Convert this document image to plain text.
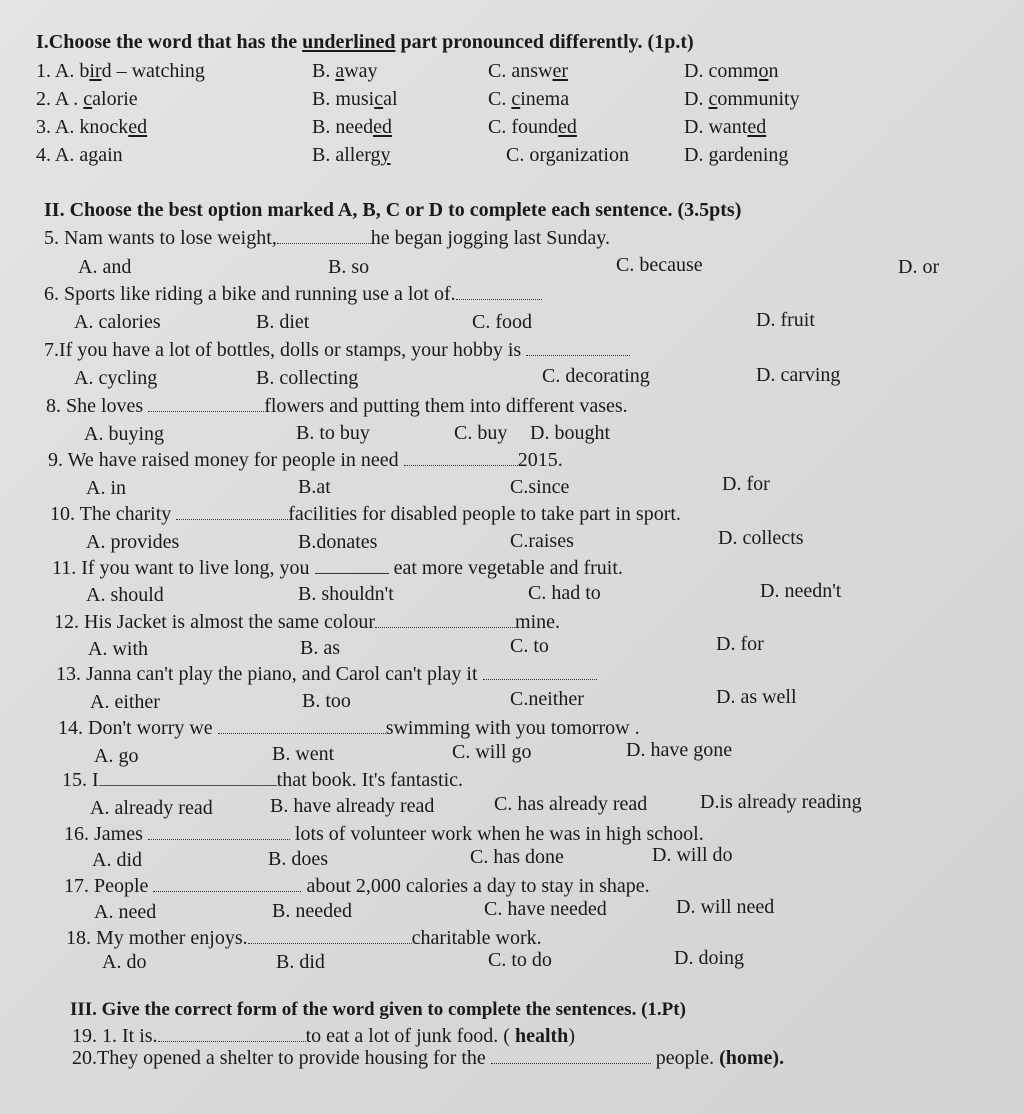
I.Choose the word that has the underlined part pronounced differently. (1p.t)
1. A. bird – watching	B. away	C. answer	D. common
2. A . calorie	B. musical	C. cinema	D. community
3. A. knocked	B. needed	C. founded	D. wanted
4. A. again	B. allergy	C. organization	D. gardening
II. Choose the best option marked A, B, C or D to complete each sentence. (3.5pts)
5. Nam wants to lose weight,	he began jogging last Sunday.
A. and	B. so	C. because	D. or
6. Sports like riding a bike and running use a lot of.
A. calories	B. diet	C. food	D. fruit
7.If you have a lot of bottles, dolls or stamps, your hobby is
A. cycling	B. collecting	C. decorating	D. carving
8. She loves	flowers and putting them into different vases.
A. buying	B. to buy	C. buy D. bought
9. We have raised money for people in need	2015.
A. in	B.at	C.since	D. for
10. The charity	facilities for disabled people to take part in sport.
A. provides	B.donates	C.raises	D. collects
11. If you want to live long, you	eat more vegetable and fruit.
A. should	B. shouldn't	C. had to	D. needn't
12. His Jacket is almost the same colour	mine.
A. with	B. as	C. to	D. for
13. Janna can't play the piano, and Carol can't play it
A. either	B. too	C.neither	D. as well
14. Don't worry we	swimming with you tomorrow .
A. go	B. went	C. will go	D. have gone
15. I	that book. It's fantastic.
A. already read	B. have already read	C. has already read	D.is already reading
16. James	lots of volunteer work when he was in high school.
A. did	B. does	C. has done	D. will do
17. People	about 2,000 calories a day to stay in shape.
A. need	B. needed	C. have needed	D. will need
18. My mother enjoys.	charitable work.
A. do	B. did	C. to do	D. doing
III. Give the correct form of the word given to complete the sentences. (1.Pt)
19. 1. It is.	to eat a lot of junk food. ( health)
20.They opened a shelter to provide housing for the	people. (home).
